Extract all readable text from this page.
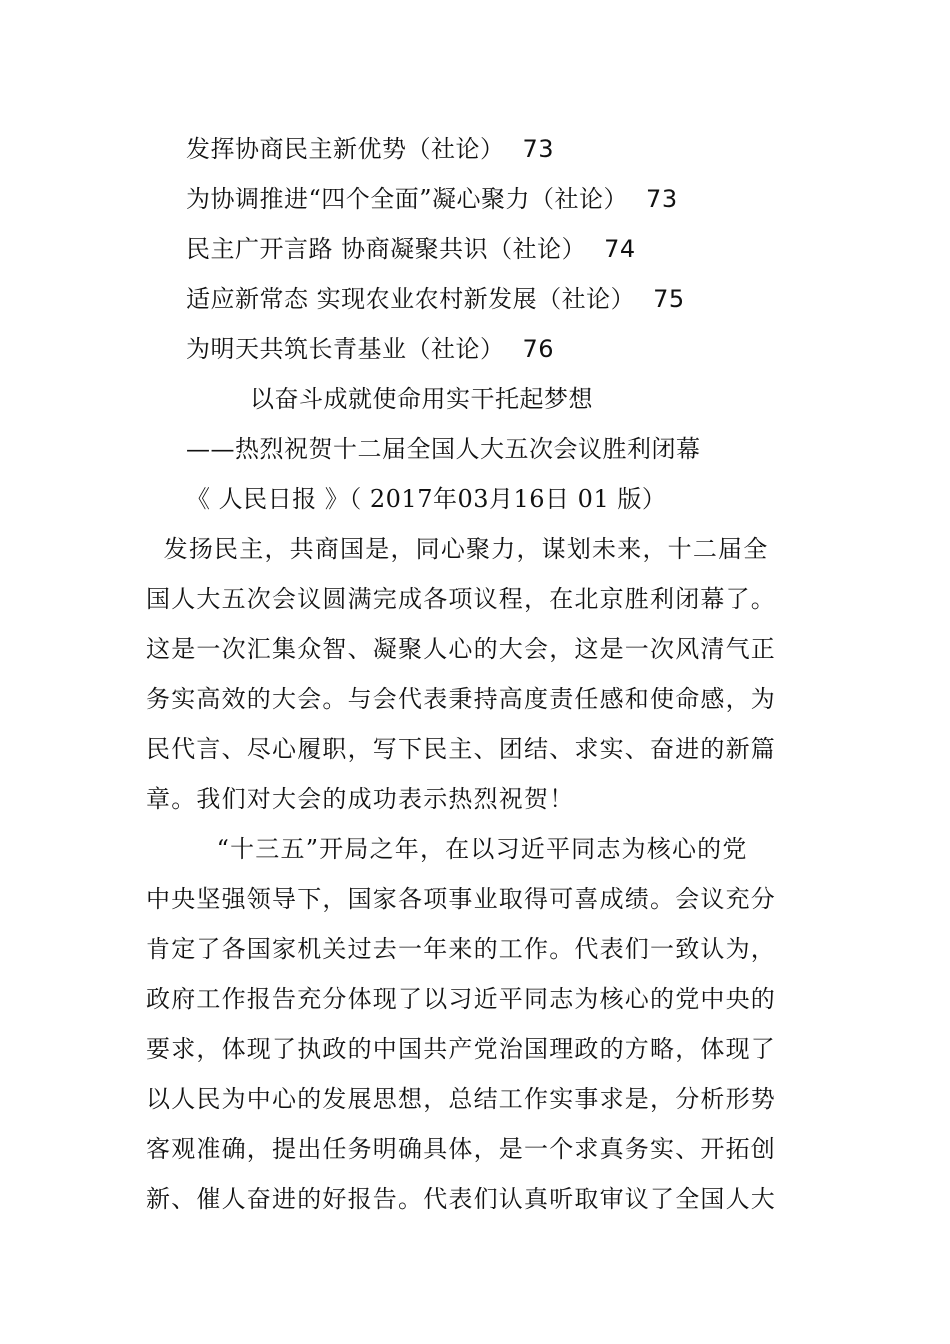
发挥协商民主新优势（社论） 73
为协调推进“四个全面”凝心聚力（社论） 73
民主广开言路 协商凝聚共识（社论） 74
适应新常态 实现农业农村新发展（社论） 75
为明天共筑长青基业（社论） 76
以奋斗成就使命用实干托起梦想
——热烈祝贺十二届全国人大五次会议胜利闭幕
《 人民日报 》（ 2017年03月16日 01 版）
发扬民主，共商国是，同心聚力，谋划未来，十二届全
国人大五次会议圆满完成各项议程，在北京胜利闭幕了。
这是一次汇集众智、凝聚人心的大会，这是一次风清气正
务实高效的大会。与会代表秉持高度责任感和使命感，为
民代言、尽心履职，写下民主、团结、求实、奋进的新篇
章。我们对大会的成功表示热烈祝贺！
“十三五”开局之年，在以习近平同志为核心的党
中央坚强领导下，国家各项事业取得可喜成绩。会议充分
肯定了各国家机关过去一年来的工作。代表们一致认为，
政府工作报告充分体现了以习近平同志为核心的党中央的
要求，体现了执政的中国共产党治国理政的方略，体现了
以人民为中心的发展思想，总结工作实事求是，分析形势
客观准确，提出任务明确具体，是一个求真务实、开拓创
新、催人奋进的好报告。代表们认真听取审议了全国人大
